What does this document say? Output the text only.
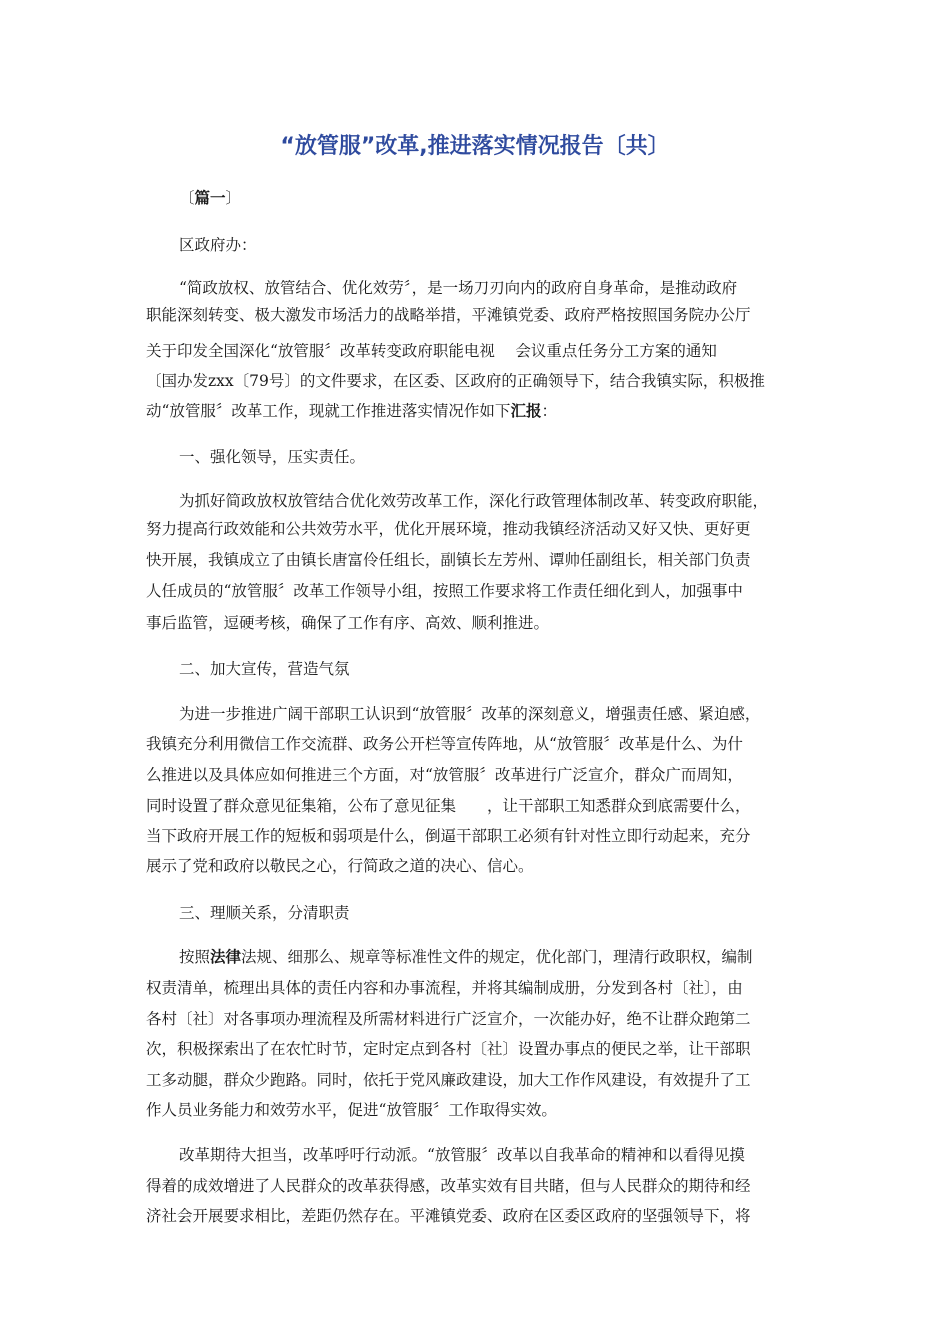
“放管服”改革,推进落实情况报告〔共〕
〔篇一〕
区政府办：
“简政放权、放管结合、优化效劳〞，是一场刀刃向内的政府自身革命，是推动政府
职能深刻转变、极大激发市场活力的战略举措，平滩镇党委、政府严格按照国务院办公厅
关于印发全国深化“放管服〞改革转变政府职能电视　 会议重点任务分工方案的通知
〔国办发zxx〔79号〕的文件要求，在区委、区政府的正确领导下，结合我镇实际，积极推
动“放管服〞改革工作，现就工作推进落实情况作如下汇报：
一、强化领导，压实责任。
为抓好简政放权放管结合优化效劳改革工作，深化行政管理体制改革、转变政府职能，
努力提高行政效能和公共效劳水平，优化开展环境，推动我镇经济活动又好又快、更好更
快开展，我镇成立了由镇长唐富伶任组长，副镇长左芳州、谭帅任副组长，相关部门负责
人任成员的“放管服〞改革工作领导小组，按照工作要求将工作责任细化到人，加强事中
事后监管，逗硬考核，确保了工作有序、高效、顺利推进。
二、加大宣传，营造气氛
为进一步推进广阔干部职工认识到“放管服〞改革的深刻意义，增强责任感、紧迫感，
我镇充分利用微信工作交流群、政务公开栏等宣传阵地，从“放管服〞改革是什么、为什
么推进以及具体应如何推进三个方面，对“放管服〞改革进行广泛宣介，群众广而周知，
同时设置了群众意见征集箱，公布了意见征集　　，让干部职工知悉群众到底需要什么，
当下政府开展工作的短板和弱项是什么，倒逼干部职工必须有针对性立即行动起来，充分
展示了党和政府以敬民之心，行简政之道的决心、信心。
三、理顺关系，分清职责
按照法律法规、细那么、规章等标准性文件的规定，优化部门，理清行政职权，编制
权责清单，梳理出具体的责任内容和办事流程，并将其编制成册，分发到各村〔社〕，由
各村〔社〕对各事项办理流程及所需材料进行广泛宣介，一次能办好，绝不让群众跑第二
次，积极探索出了在农忙时节，定时定点到各村〔社〕设置办事点的便民之举，让干部职
工多动腿，群众少跑路。同时，依托于党风廉政建设，加大工作作风建设，有效提升了工
作人员业务能力和效劳水平，促进“放管服〞工作取得实效。
改革期待大担当，改革呼吁行动派。“放管服〞改革以自我革命的精神和以看得见摸
得着的成效增进了人民群众的改革获得感，改革实效有目共睹，但与人民群众的期待和经
济社会开展要求相比，差距仍然存在。平滩镇党委、政府在区委区政府的坚强领导下，将
